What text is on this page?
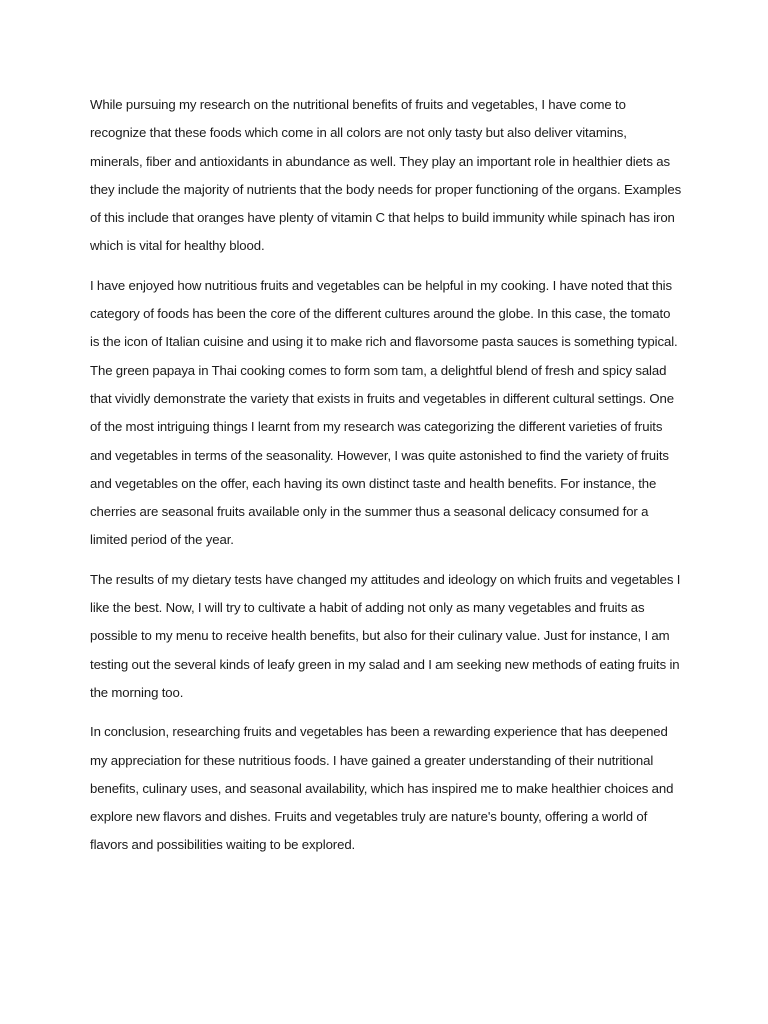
While pursuing my research on the nutritional benefits of fruits and vegetables, I have come to recognize that these foods which come in all colors are not only tasty but also deliver vitamins, minerals, fiber and antioxidants in abundance as well. They play an important role in healthier diets as they include the majority of nutrients that the body needs for proper functioning of the organs. Examples of this include that oranges have plenty of vitamin C that helps to build immunity while spinach has iron which is vital for healthy blood.

I have enjoyed how nutritious fruits and vegetables can be helpful in my cooking. I have noted that this category of foods has been the core of the different cultures around the globe. In this case, the tomato is the icon of Italian cuisine and using it to make rich and flavorsome pasta sauces is something typical. The green papaya in Thai cooking comes to form som tam, a delightful blend of fresh and spicy salad that vividly demonstrate the variety that exists in fruits and vegetables in different cultural settings. One of the most intriguing things I learnt from my research was categorizing the different varieties of fruits and vegetables in terms of the seasonality. However, I was quite astonished to find the variety of fruits and vegetables on the offer, each having its own distinct taste and health benefits. For instance, the cherries are seasonal fruits available only in the summer thus a seasonal delicacy consumed for a limited period of the year.

The results of my dietary tests have changed my attitudes and ideology on which fruits and vegetables I like the best. Now, I will try to cultivate a habit of adding not only as many vegetables and fruits as possible to my menu to receive health benefits, but also for their culinary value. Just for instance, I am testing out the several kinds of leafy green in my salad and I am seeking new methods of eating fruits in the morning too.

In conclusion, researching fruits and vegetables has been a rewarding experience that has deepened my appreciation for these nutritious foods. I have gained a greater understanding of their nutritional benefits, culinary uses, and seasonal availability, which has inspired me to make healthier choices and explore new flavors and dishes. Fruits and vegetables truly are nature's bounty, offering a world of flavors and possibilities waiting to be explored.
